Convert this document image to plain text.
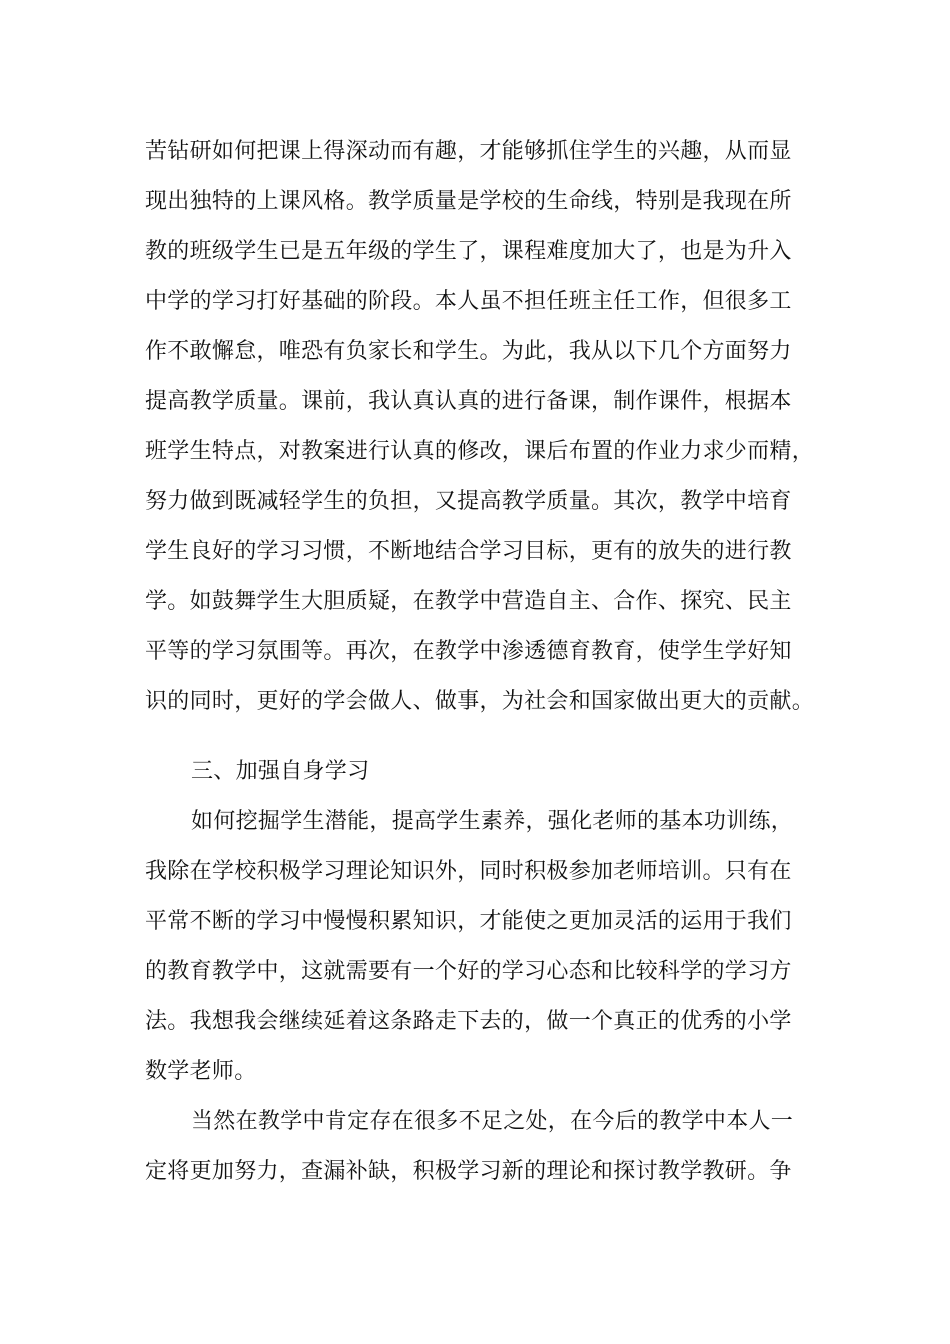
苦钻研如何把课上得深动而有趣，才能够抓住学生的兴趣，从而显

现出独特的上课风格。教学质量是学校的生命线，特别是我现在所

教的班级学生已是五年级的学生了，课程难度加大了，也是为升入

中学的学习打好基础的阶段。本人虽不担任班主任工作，但很多工

作不敢懈怠，唯恐有负家长和学生。为此，我从以下几个方面努力

提高教学质量。课前，我认真认真的进行备课，制作课件，根据本

班学生特点，对教案进行认真的修改，课后布置的作业力求少而精，

努力做到既减轻学生的负担，又提高教学质量。其次，教学中培育

学生良好的学习习惯，不断地结合学习目标，更有的放失的进行教

学。如鼓舞学生大胆质疑，在教学中营造自主、合作、探究、民主

平等的学习氛围等。再次，在教学中渗透德育教育，使学生学好知

识的同时，更好的学会做人、做事，为社会和国家做出更大的贡献。

三、加强自身学习

如何挖掘学生潜能，提高学生素养，强化老师的基本功训练，

我除在学校积极学习理论知识外，同时积极参加老师培训。只有在

平常不断的学习中慢慢积累知识，才能使之更加灵活的运用于我们

的教育教学中，这就需要有一个好的学习心态和比较科学的学习方

法。我想我会继续延着这条路走下去的，做一个真正的优秀的小学

数学老师。

当然在教学中肯定存在很多不足之处，在今后的教学中本人一

定将更加努力，查漏补缺，积极学习新的理论和探讨教学教研。争
